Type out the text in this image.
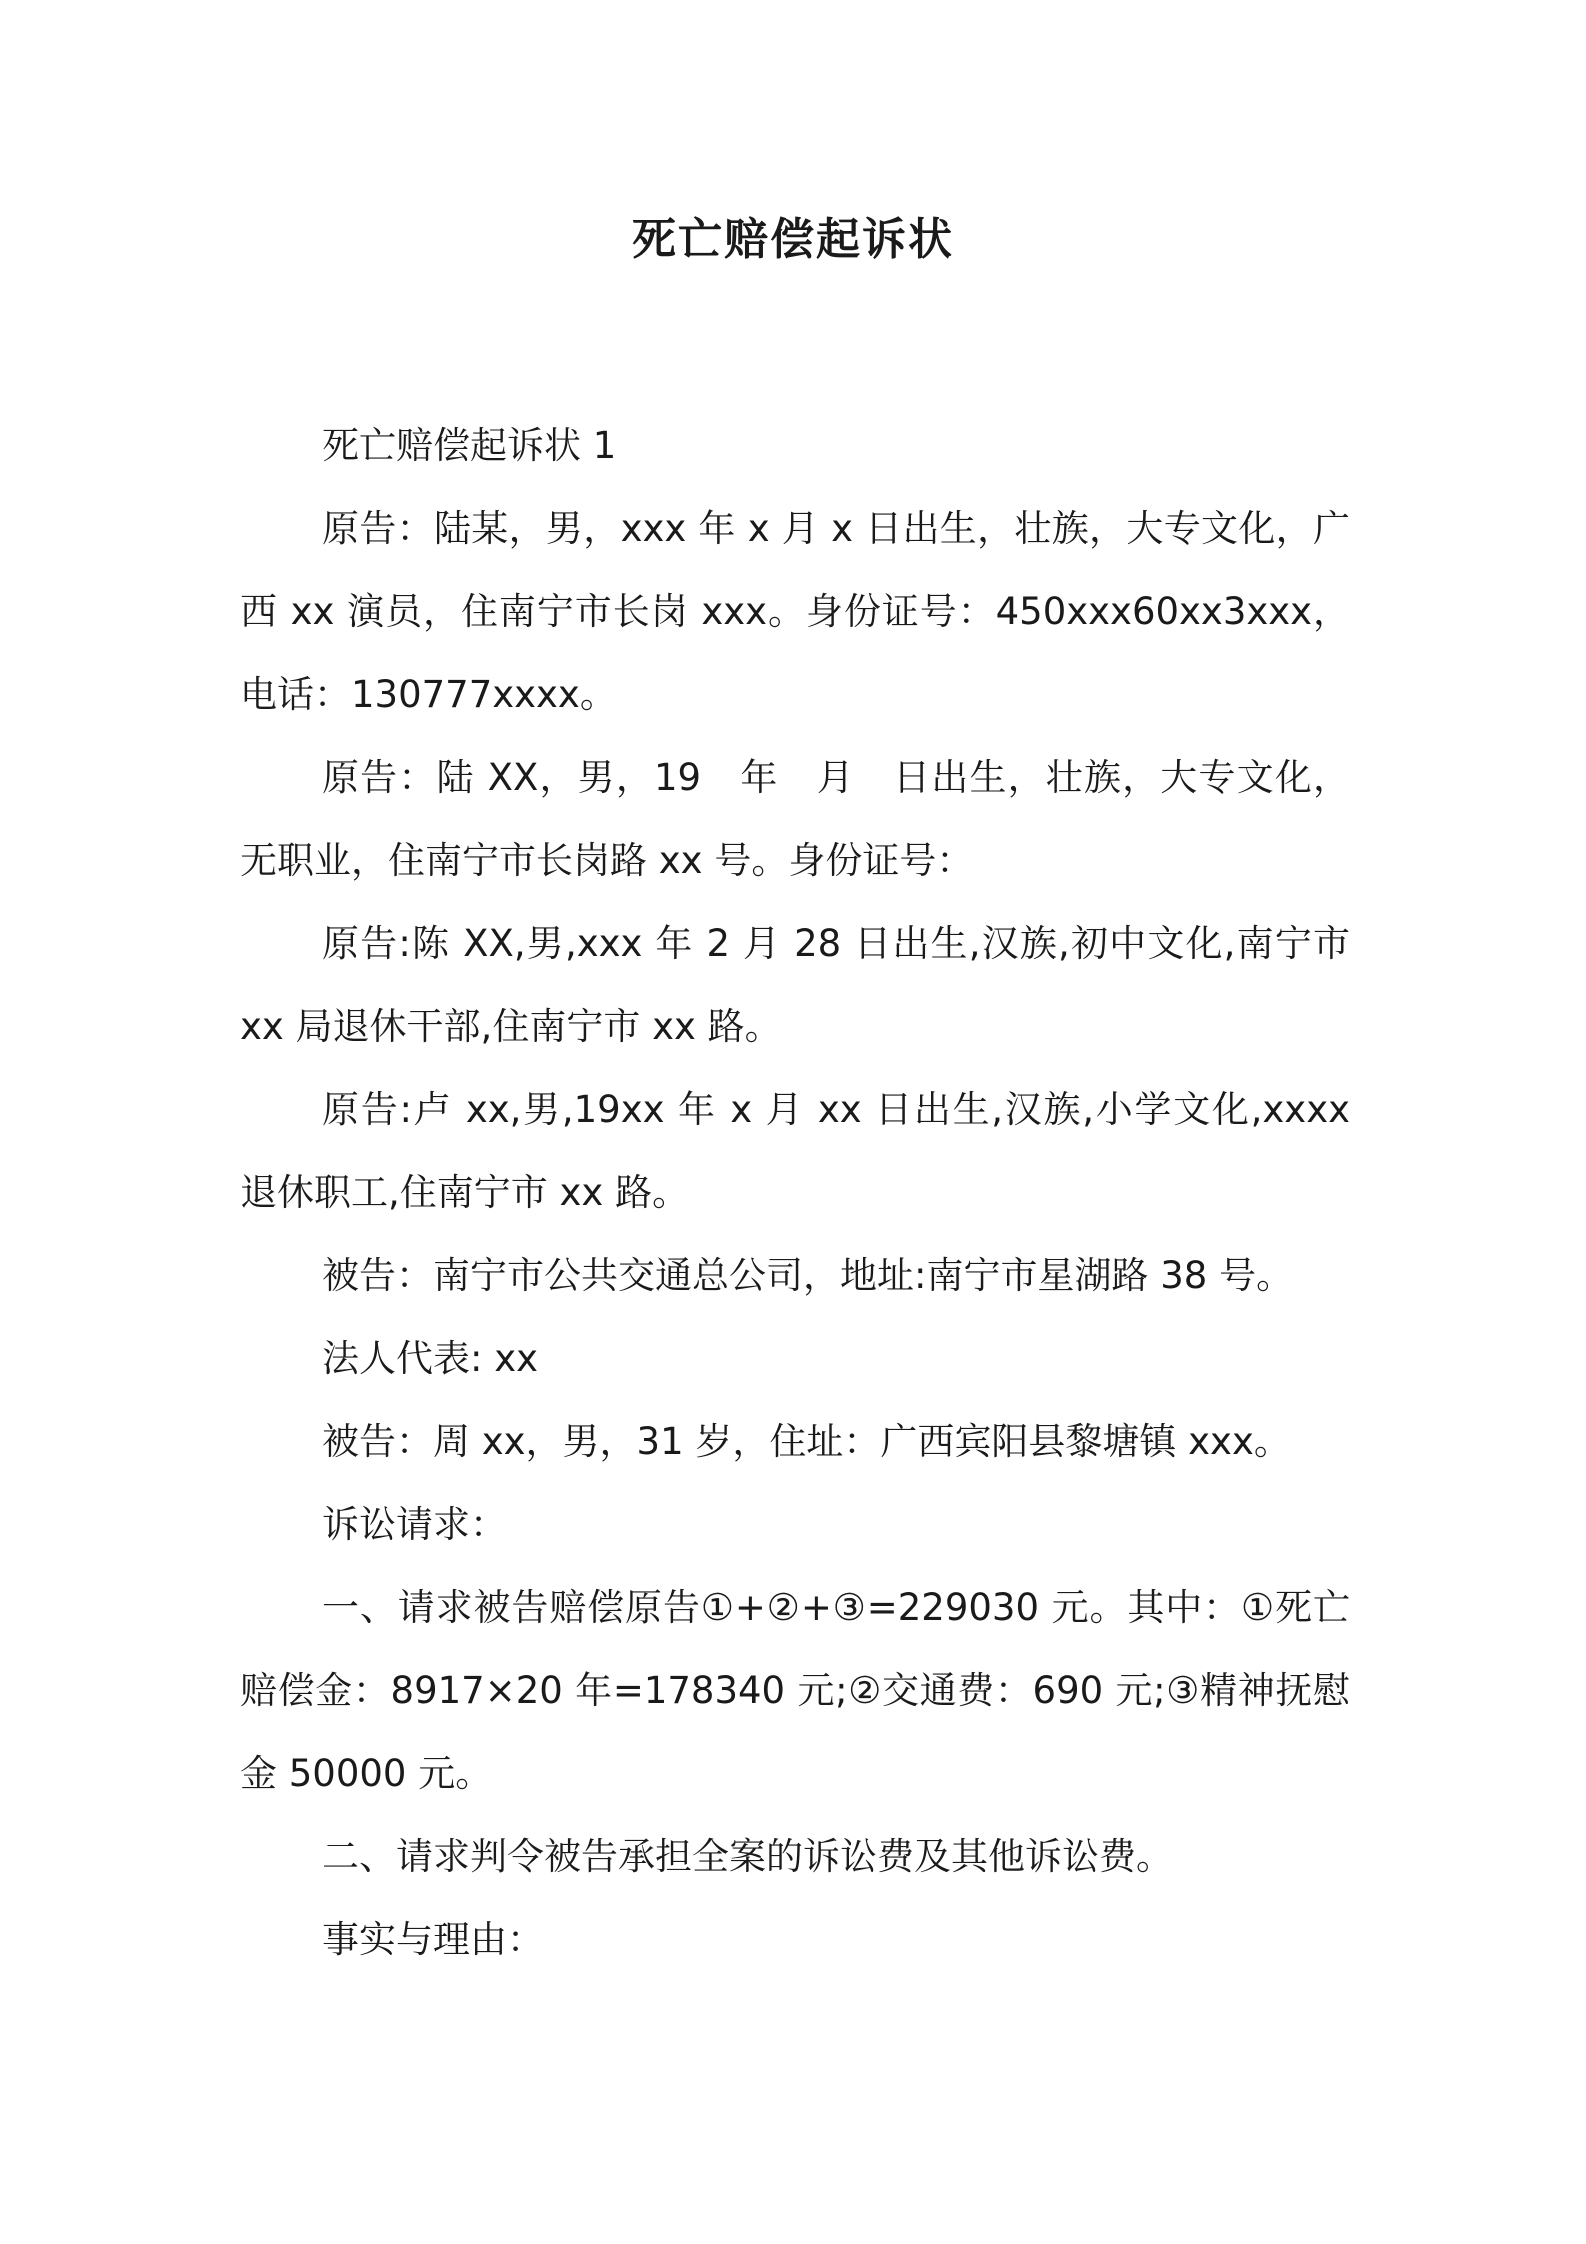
死亡赔偿起诉状

死亡赔偿起诉状 1

原告：陆某，男，xxx 年 x 月 x 日出生，壮族，大专文化，广西 xx 演员，住南宁市长岗 xxx。身份证号：450xxx60xx3xxx，电话：130777xxxx。

原告：陆 XX，男，19　年　月　日出生，壮族，大专文化，无职业，住南宁市长岗路 xx 号。身份证号：

原告:陈 XX,男,xxx 年 2 月 28 日出生,汉族,初中文化,南宁市 xx 局退休干部,住南宁市 xx 路。

原告:卢 xx,男,19xx 年 x 月 xx 日出生,汉族,小学文化,xxxx 退休职工,住南宁市 xx 路。

被告：南宁市公共交通总公司，地址:南宁市星湖路 38 号。

法人代表: xx

被告：周 xx，男，31 岁，住址：广西宾阳县黎塘镇 xxx。

诉讼请求：

一、请求被告赔偿原告①+②+③=229030 元。其中：①死亡赔偿金：8917×20 年=178340 元;②交通费：690 元;③精神抚慰金 50000 元。

二、请求判令被告承担全案的诉讼费及其他诉讼费。

事实与理由：
